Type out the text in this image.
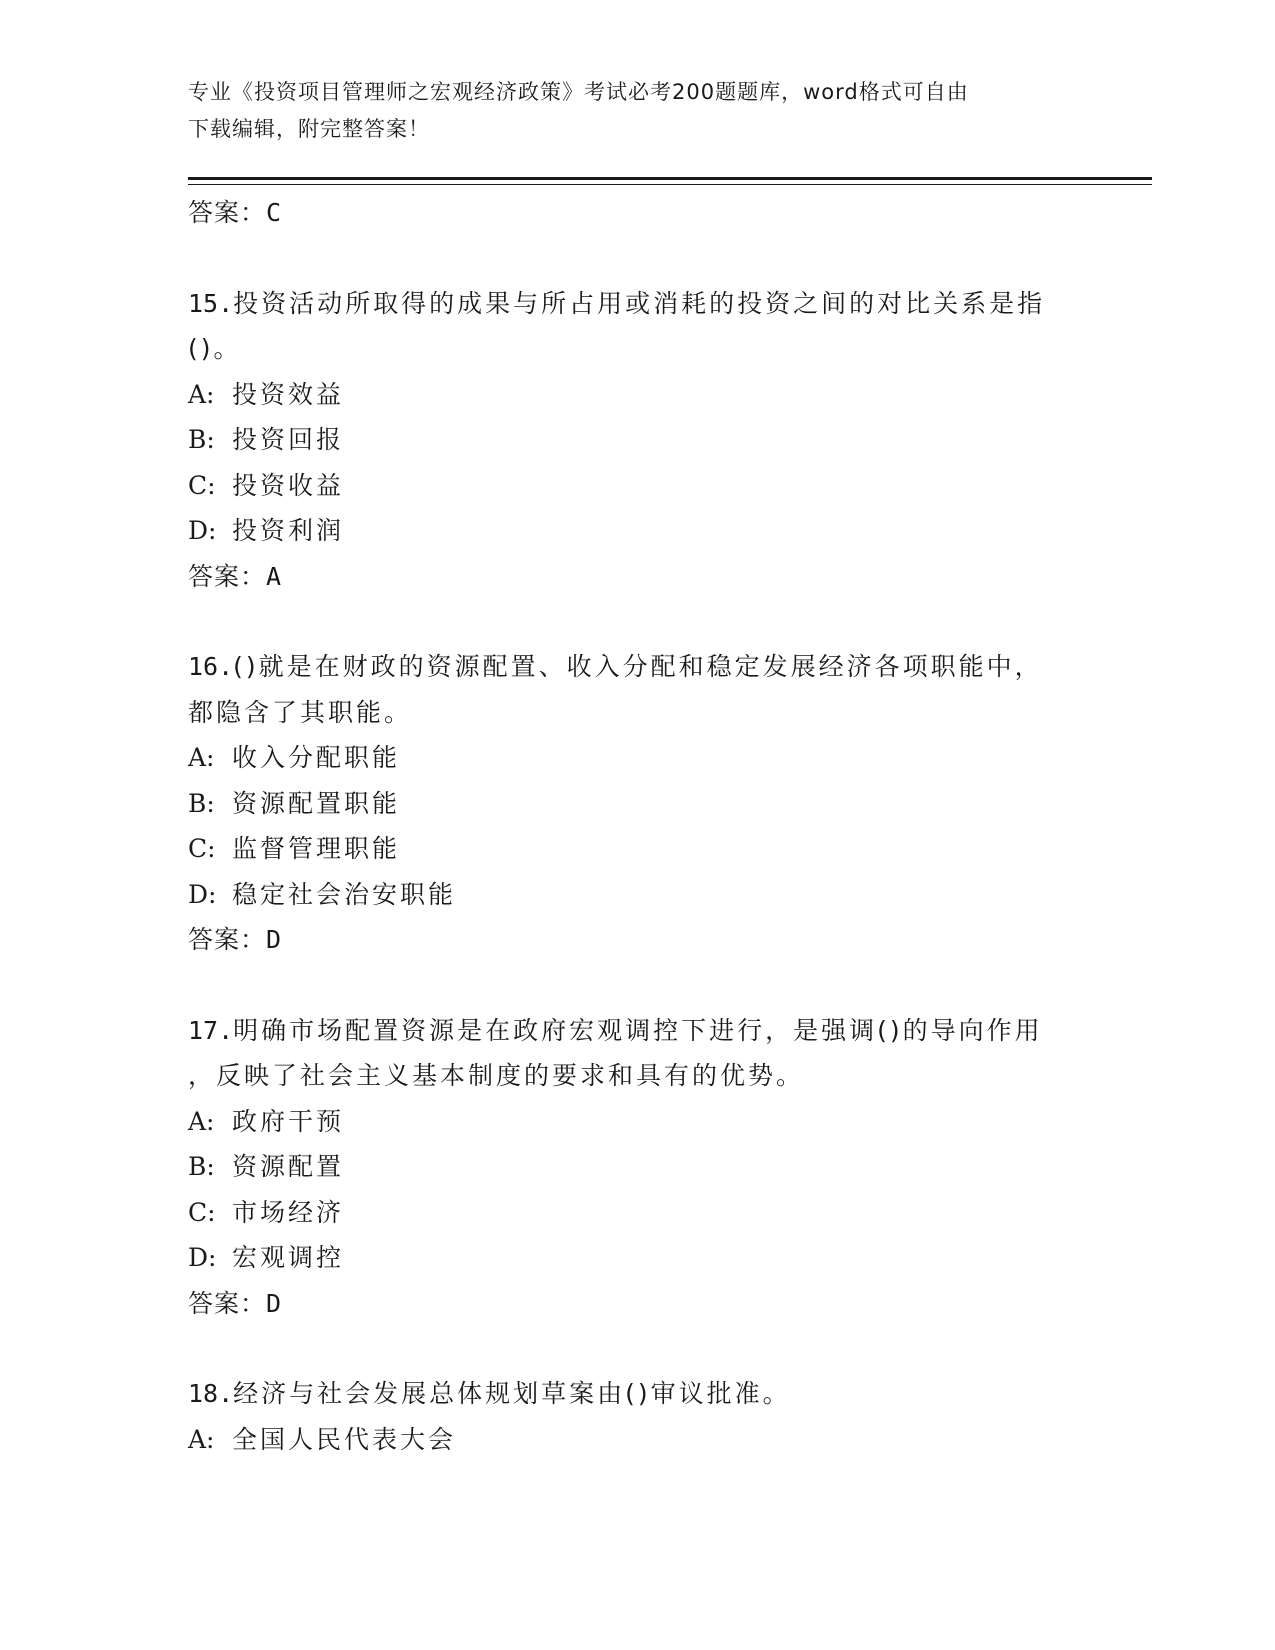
专业《投资项目管理师之宏观经济政策》考试必考200题题库，word格式可自由
下载编辑，附完整答案！
答案：C
15.投资活动所取得的成果与所占用或消耗的投资之间的对比关系是指
()。
A: 投资效益
B: 投资回报
C: 投资收益
D: 投资利润
答案：A
16.()就是在财政的资源配置、收入分配和稳定发展经济各项职能中，
都隐含了其职能。
A: 收入分配职能
B: 资源配置职能
C: 监督管理职能
D: 稳定社会治安职能
答案：D
17.明确市场配置资源是在政府宏观调控下进行，是强调()的导向作用
，反映了社会主义基本制度的要求和具有的优势。
A: 政府干预
B: 资源配置
C: 市场经济
D: 宏观调控
答案：D
18.经济与社会发展总体规划草案由()审议批准。
A: 全国人民代表大会
